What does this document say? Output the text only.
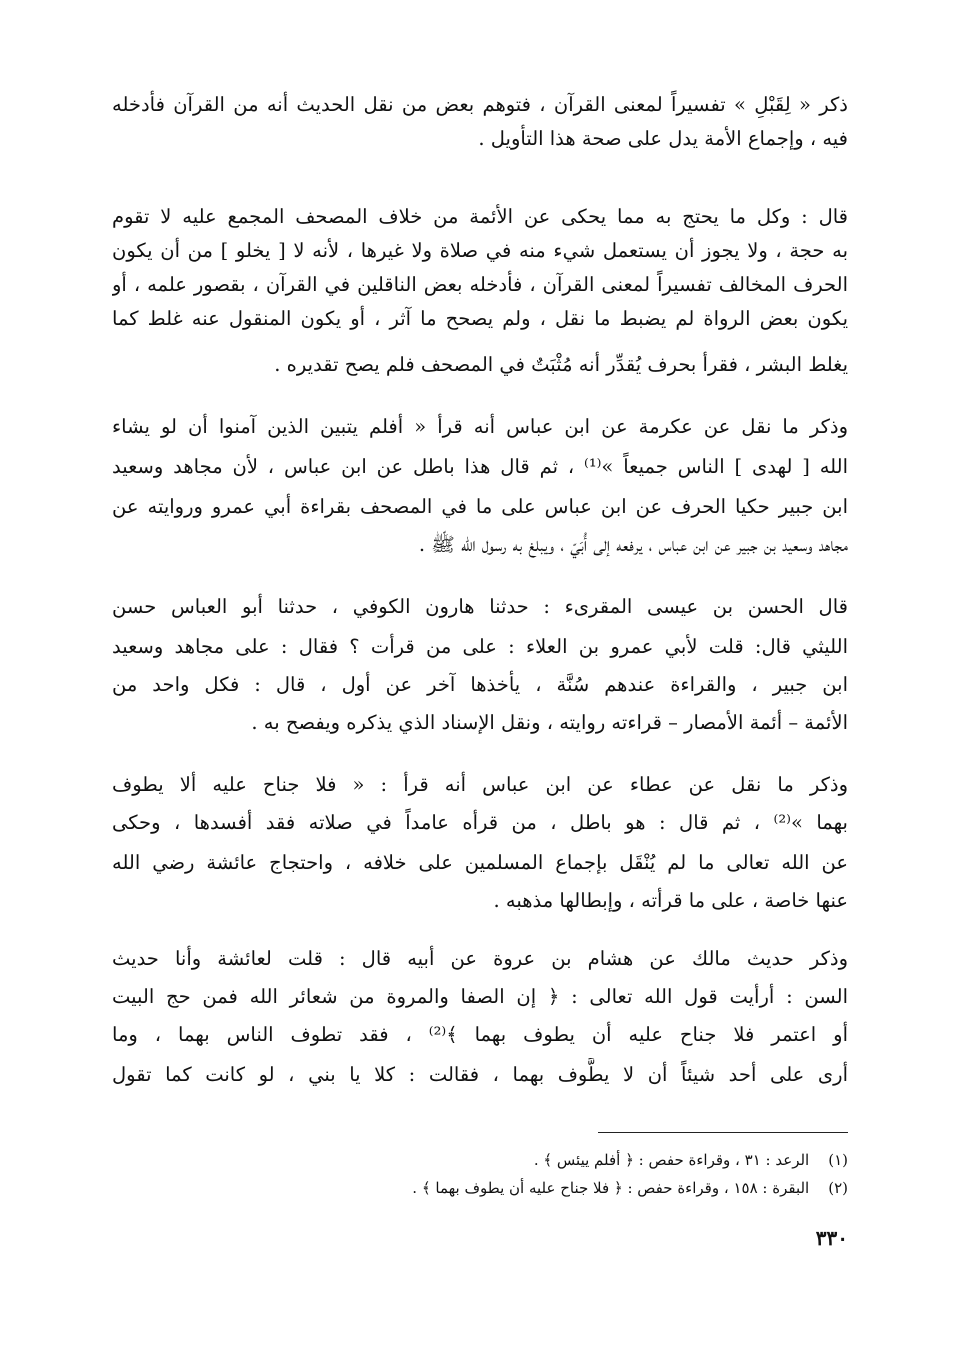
ذكر « لِقَبْلِ » تفسيراً لمعنى القرآن ، فتوهم بعض من نقل الحديث أنه من القرآن فأدخله
فيه ، وإجماع الأمة يدل على صحة هذا التأويل .
قال : وكل ما يحتج به مما يحكى عن الأئمة من خلاف المصحف المجمع عليه لا تقوم
به حجة ، ولا يجوز أن يستعمل شيء منه في صلاة ولا غيرها ، لأنه لا [ يخلو ] من أن يكون
الحرف المخالف تفسيراً لمعنى القرآن ، فأدخله بعض الناقلين في القرآن ، بقصور علمه ، أو
يكون بعض الرواة لم يضبط ما نقل ، ولم يصحح ما آثر ، أو يكون المنقول عنه غلط كما
يغلط البشر ، فقرأ بحرف يُقدِّر أنه مُثْبَتٌ في المصحف فلم يصح تقديره .
وذكر ما نقل عن عكرمة عن ابن عباس أنه قرأ « أفلم يتبين الذين آمنوا أن لو يشاء
الله [ لهدى ] الناس جميعاً »⁽¹⁾ ، ثم قال هذا باطل عن ابن عباس ، لأن مجاهد وسعيد
ابن جبير حكيا الحرف عن ابن عباس على ما في المصحف بقراءة أبي عمرو وروايته عن
مجاهد وسعيد بن جبير عن ابن عباس ، يرفعه إلى أُبَيّ ، ويبلغ به رسول الله ﷺ .
قال الحسن بن عيسى المقرىء : حدثنا هارون الكوفي ، حدثنا أبو العباس حسن
الليثي قال: قلت لأبي عمرو بن العلاء : على من قرأت ؟ فقال : على مجاهد وسعيد
ابن جبير ، والقراءة عندهم سُنَّة ، يأخذها آخر عن أول ، قال : فكل واحد من
الأئمة – أئمة الأمصار – قراءته روايته ، ونقل الإسناد الذي يذكره ويفصح به .
وذكر ما نقل عن عطاء عن ابن عباس أنه قرأ : « فلا جناح عليه ألا يطوف
بهما »⁽²⁾ ، ثم قال : هو باطل ، من قرأه عامداً في صلاته فقد أفسدها ، وحكى
عن الله تعالى ما لم يُنْقَل بإجماع المسلمين على خلافه ، واحتجاج عائشة رضي الله
عنها خاصة ، على ما قرأته ، وإبطالها مذهبه .
وذكر حديث مالك عن هشام بن عروة عن أبيه قال : قلت لعائشة وأنا حديث
السن : أرأيت قول الله تعالى : ﴿ إن الصفا والمروة من شعائر الله فمن حج البيت
أو اعتمر فلا جناح عليه أن يطوف بهما ﴾⁽²⁾ ، فقد تطوف الناس بهما ، وما
أرى على أحد شيئاً أن لا يطَّوف بهما ، فقالت : كلا يا بني ، لو كانت كما تقول
(١) الرعد : ٣١ ، وقراءة حفص : ﴿ أفلم ييئس ﴾ .
(٢) البقرة : ١٥٨ ، وقراءة حفص : ﴿ فلا جناح عليه أن يطوف بهما ﴾ .
٣٣٠
